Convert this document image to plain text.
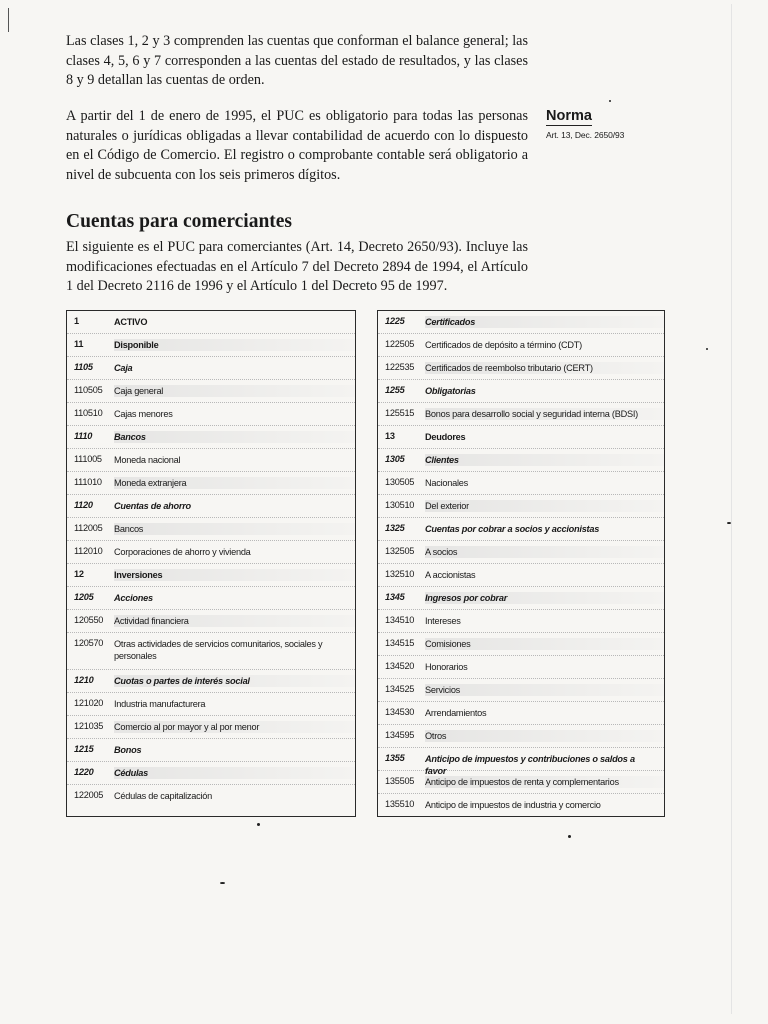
Las clases 1, 2 y 3 comprenden las cuentas que conforman el balance general; las clases 4, 5, 6 y 7 corresponden a las cuentas del estado de resultados, y las clases 8 y 9 detallan las cuentas de orden.

A partir del 1 de enero de 1995, el PUC es obligatorio para todas las personas naturales o jurídicas obligadas a llevar contabilidad de acuerdo con lo dispuesto en el Código de Comercio. El registro o comprobante contable será obligatorio a nivel de subcuenta con los seis primeros dígitos.

Norma
Art. 13, Dec. 2650/93
Cuentas para comerciantes

El siguiente es el PUC para comerciantes (Art. 14, Decreto 2650/93). Incluye las modificaciones efectuadas en el Artículo 7 del Decreto 2894 de 1994, el Artículo 1 del Decreto 2116 de 1996 y el Artículo 1 del Decreto 95 de 1997.

1	ACTIVO
11	Disponible
1105	Caja
110505	Caja general
110510	Cajas menores
1110	Bancos
111005	Moneda nacional
111010	Moneda extranjera
1120	Cuentas de ahorro
112005	Bancos
112010	Corporaciones de ahorro y vivienda
12	Inversiones
1205	Acciones
120550	Actividad financiera
120570	Otras actividades de servicios comunitarios, sociales y personales
1210	Cuotas o partes de interés social
121020	Industria manufacturera
121035	Comercio al por mayor y al por menor
1215	Bonos
1220	Cédulas
122005	Cédulas de capitalización
1225	Certificados
122505	Certificados de depósito a término (CDT)
122535	Certificados de reembolso tributario (CERT)
1255	Obligatorias
125515	Bonos para desarrollo social y seguridad interna (BDSI)
13	Deudores
1305	Clientes
130505	Nacionales
130510	Del exterior
1325	Cuentas por cobrar a socios y accionistas
132505	A socios
132510	A accionistas
1345	Ingresos por cobrar
134510	Intereses
134515	Comisiones
134520	Honorarios
134525	Servicios
134530	Arrendamientos
134595	Otros
1355	Anticipo de impuestos y contribuciones o saldos a favor
135505	Anticipo de impuestos de renta y complementarios
135510	Anticipo de impuestos de industria y comercio
